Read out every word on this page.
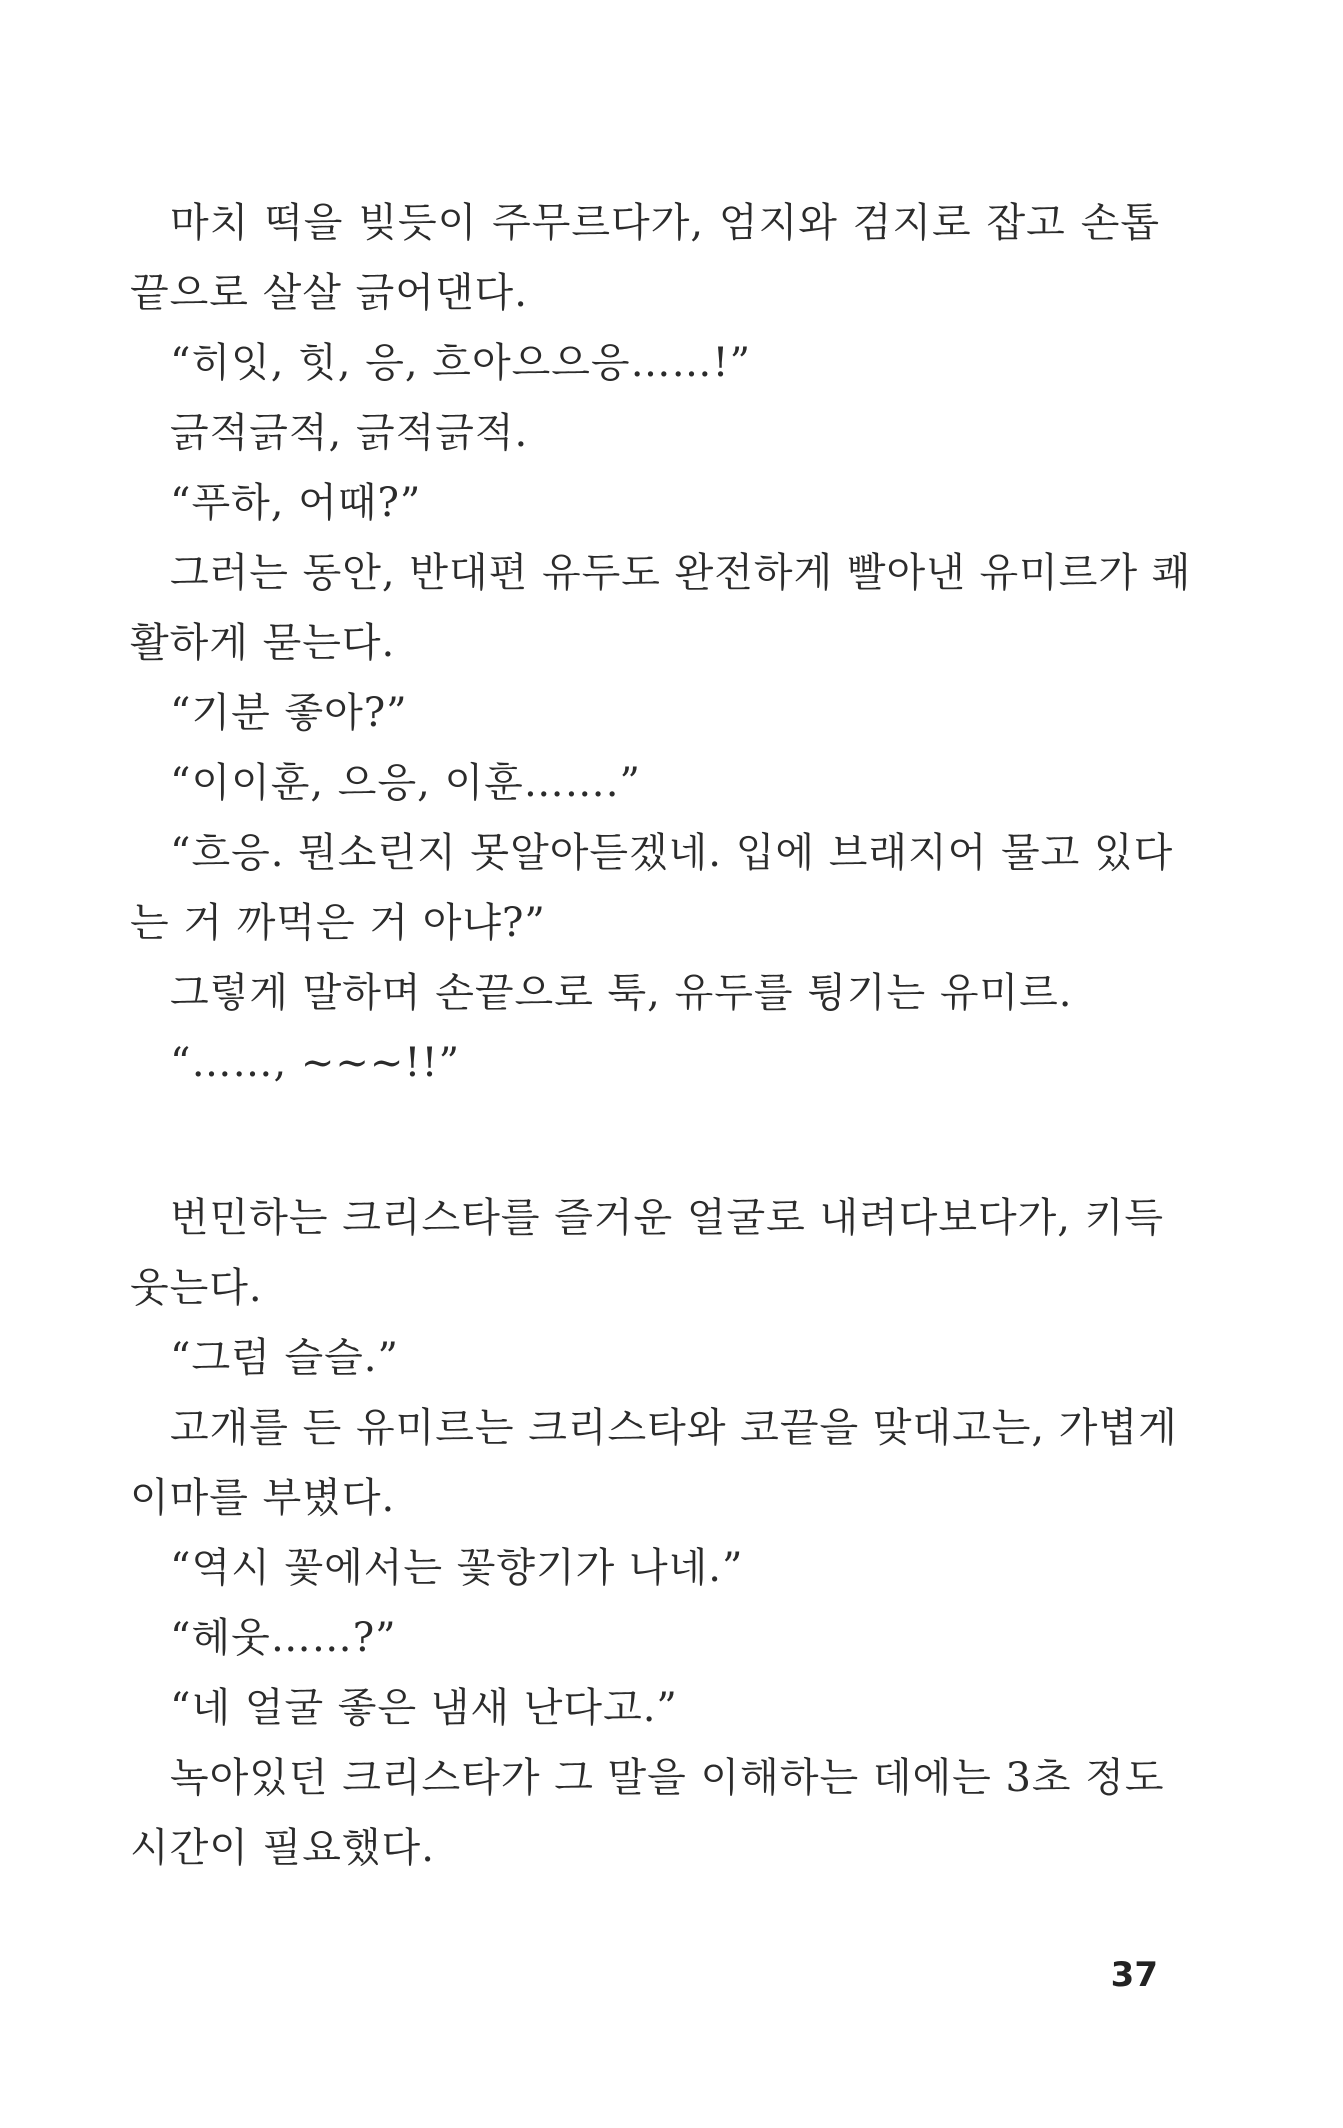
마치 떡을 빚듯이 주무르다가, 엄지와 검지로 잡고 손톱
끝으로 살살 긁어댄다.
“히잇, 힛, 응, 흐아으으응……!”
긁적긁적, 긁적긁적.
“푸하, 어때?”
그러는 동안, 반대편 유두도 완전하게 빨아낸 유미르가 쾌
활하게 묻는다.
“기분 좋아?”
“이이훈, 으응, 이훈…….”
“흐응. 뭔소린지 못알아듣겠네. 입에 브래지어 물고 있다
는 거 까먹은 거 아냐?”
그렇게 말하며 손끝으로 툭, 유두를 튕기는 유미르.
“……, ~~~!!”
번민하는 크리스타를 즐거운 얼굴로 내려다보다가, 키득
웃는다.
“그럼 슬슬.”
고개를 든 유미르는 크리스타와 코끝을 맞대고는, 가볍게
이마를 부볐다.
“역시 꽃에서는 꽃향기가 나네.”
“헤웃……?”
“네 얼굴 좋은 냄새 난다고.”
녹아있던 크리스타가 그 말을 이해하는 데에는 3초 정도
시간이 필요했다.
37
